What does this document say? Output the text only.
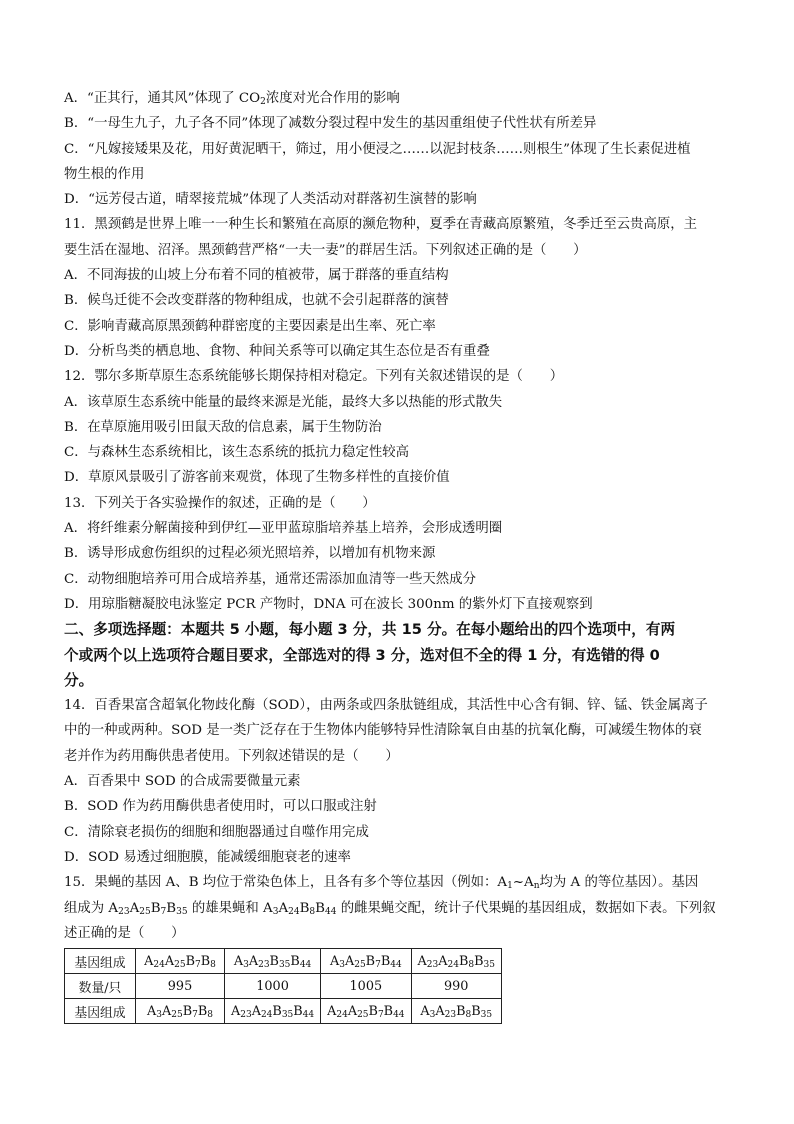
A．“正其行，通其风”体现了 $CO_2$浓度对光合作用的影响
B．“一母生九子，九子各不同”体现了减数分裂过程中发生的基因重组使子代性状有所差异
C．“凡嫁接矮果及花，用好黄泥晒干，筛过，用小便浸之……以泥封枝条……则根生”体现了生长素促进植
物生根的作用
D．“远芳侵古道，晴翠接荒城”体现了人类活动对群落初生演替的影响
11．黑颈鹤是世界上唯一一种生长和繁殖在高原的濒危物种，夏季在青藏高原繁殖，冬季迁至云贵高原，主
要生活在湿地、沼泽。黑颈鹤营严格“一夫一妻”的群居生活。下列叙述正确的是（　　）
A．不同海拔的山坡上分布着不同的植被带，属于群落的垂直结构
B．候鸟迁徙不会改变群落的物种组成，也就不会引起群落的演替
C．影响青藏高原黑颈鹤种群密度的主要因素是出生率、死亡率
D．分析鸟类的栖息地、食物、种间关系等可以确定其生态位是否有重叠
12．鄂尔多斯草原生态系统能够长期保持相对稳定。下列有关叙述错误的是（　　）
A．该草原生态系统中能量的最终来源是光能，最终大多以热能的形式散失
B．在草原施用吸引田鼠天敌的信息素，属于生物防治
C．与森林生态系统相比，该生态系统的抵抗力稳定性较高
D．草原风景吸引了游客前来观赏，体现了生物多样性的直接价值
13．下列关于各实验操作的叙述，正确的是（　　）
A．将纤维素分解菌接种到伊红—亚甲蓝琼脂培养基上培养，会形成透明圈
B．诱导形成愈伤组织的过程必须光照培养，以增加有机物来源
C．动物细胞培养可用合成培养基，通常还需添加血清等一些天然成分
D．用琼脂糖凝胶电泳鉴定 PCR 产物时，DNA 可在波长 300nm 的紫外灯下直接观察到
二、多项选择题：本题共 5 小题，每小题 3 分，共 15 分。在每小题给出的四个选项中，有两
个或两个以上选项符合题目要求，全部选对的得 3 分，选对但不全的得 1 分，有选错的得 0
分。
14．百香果富含超氧化物歧化酶（SOD），由两条或四条肽链组成，其活性中心含有铜、锌、锰、铁金属离子
中的一种或两种。SOD 是一类广泛存在于生物体内能够特异性清除氧自由基的抗氧化酶，可减缓生物体的衰
老并作为药用酶供患者使用。下列叙述错误的是（　　）
A．百香果中 SOD 的合成需要微量元素
B．SOD 作为药用酶供患者使用时，可以口服或注射
C．清除衰老损伤的细胞和细胞器通过自噬作用完成
D．SOD 易透过细胞膜，能减缓细胞衰老的速率
15．果蝇的基因 A、B 均位于常染色体上，且各有多个等位基因（例如：$A_1\sim A_n$均为 A 的等位基因）。基因
组成为 $A_{23}A_{25}B_7B_{35}$ 的雄果蝇和 $A_3A_{24}B_8B_{44}$ 的雌果蝇交配，统计子代果蝇的基因组成，数据如下表。下列叙
述正确的是（　　）
基因组成	$A_{24}A_{25}B_7B_8$	$A_3A_{23}B_{35}B_{44}$	$A_3A_{25}B_7B_{44}$	$A_{23}A_{24}B_8B_{35}$
数量/只	995	1000	1005	990
基因组成	$A_3A_{25}B_7B_8$	$A_{23}A_{24}B_{35}B_{44}$	$A_{24}A_{25}B_7B_{44}$	$A_3A_{23}B_8B_{35}$
